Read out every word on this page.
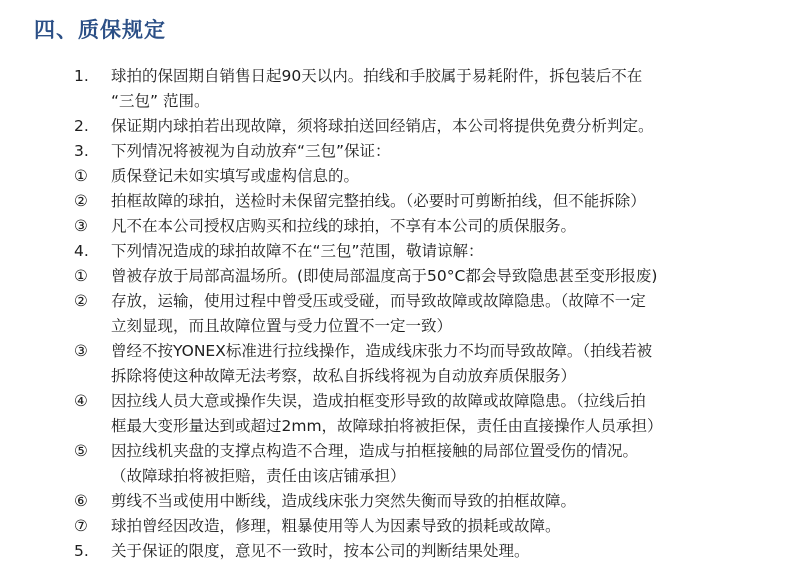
四、质保规定
1. 球拍的保固期自销售日起90天以内。拍线和手胶属于易耗附件，拆包装后不在
“三包” 范围。
2. 保证期内球拍若出现故障，须将球拍送回经销店，本公司将提供免费分析判定。
3. 下列情况将被视为自动放弃“三包”保证：
① 质保登记未如实填写或虚构信息的。
② 拍框故障的球拍，送检时未保留完整拍线。（必要时可剪断拍线，但不能拆除）
③ 凡不在本公司授权店购买和拉线的球拍，不享有本公司的质保服务。
4. 下列情况造成的球拍故障不在“三包”范围，敬请谅解：
① 曾被存放于局部高温场所。(即使局部温度高于50°C都会导致隐患甚至变形报废)
② 存放，运输，使用过程中曾受压或受碰，而导致故障或故障隐患。（故障不一定
立刻显现，而且故障位置与受力位置不一定一致）
③ 曾经不按YONEX标准进行拉线操作，造成线床张力不均而导致故障。（拍线若被
拆除将使这种故障无法考察，故私自拆线将视为自动放弃质保服务）
④ 因拉线人员大意或操作失误，造成拍框变形导致的故障或故障隐患。（拉线后拍
框最大变形量达到或超过2mm，故障球拍将被拒保，责任由直接操作人员承担）
⑤ 因拉线机夹盘的支撑点构造不合理，造成与拍框接触的局部位置受伤的情况。
（故障球拍将被拒赔，责任由该店铺承担）
⑥ 剪线不当或使用中断线，造成线床张力突然失衡而导致的拍框故障。
⑦ 球拍曾经因改造，修理，粗暴使用等人为因素导致的损耗或故障。
5. 关于保证的限度，意见不一致时，按本公司的判断结果处理。
